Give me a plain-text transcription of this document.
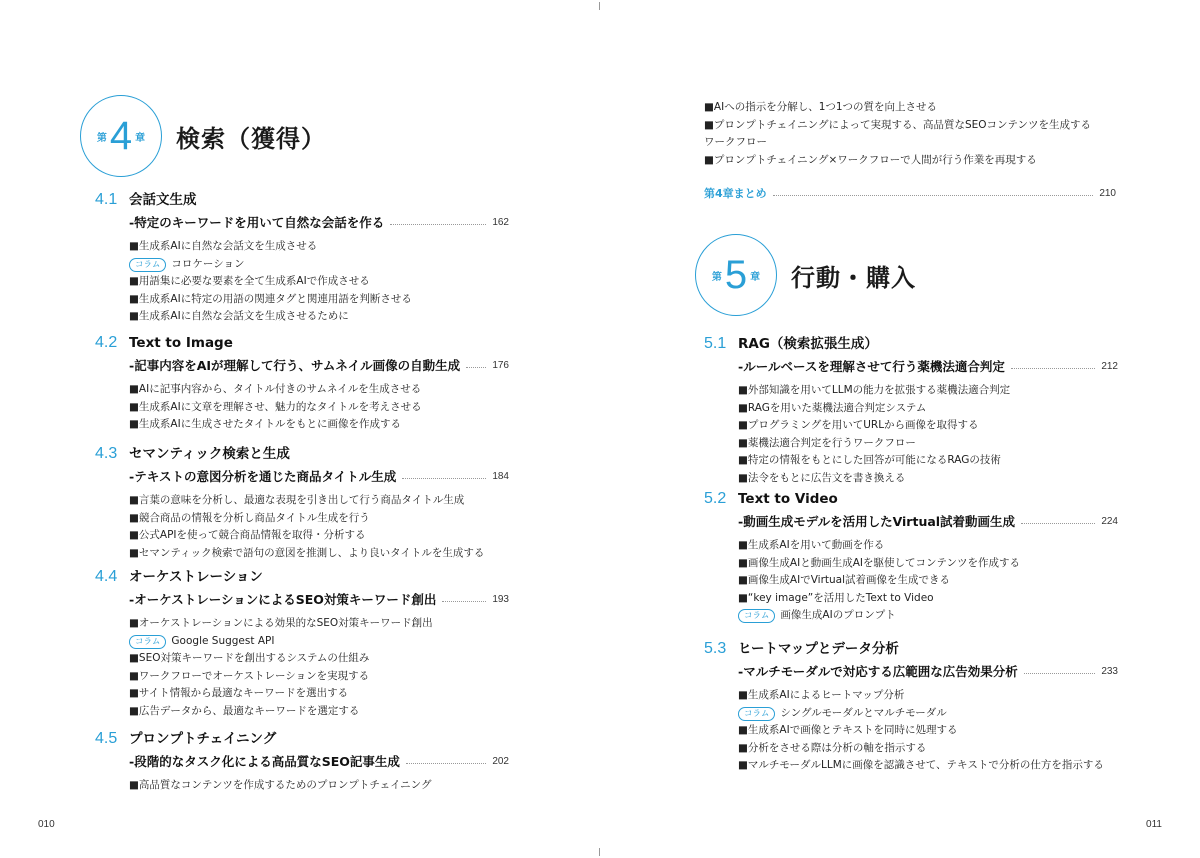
第 4 章 検索（獲得）
4.1 会話文生成
-特定のキーワードを用いて自然な会話を作る	162
■生成系AIに自然な会話文を生成させる
コラム コロケーション
■用語集に必要な要素を全て生成系AIで作成させる
■生成系AIに特定の用語の関連タグと関連用語を判断させる
■生成系AIに自然な会話文を生成させるために
4.2 Text to Image
-記事内容をAIが理解して行う、サムネイル画像の自動生成	176
■AIに記事内容から、タイトル付きのサムネイルを生成させる
■生成系AIに文章を理解させ、魅力的なタイトルを考えさせる
■生成系AIに生成させたタイトルをもとに画像を作成する
4.3 セマンティック検索と生成
-テキストの意図分析を通じた商品タイトル生成	184
■言葉の意味を分析し、最適な表現を引き出して行う商品タイトル生成
■競合商品の情報を分析し商品タイトル生成を行う
■公式APIを使って競合商品情報を取得・分析する
■セマンティック検索で語句の意図を推測し、より良いタイトルを生成する
4.4 オーケストレーション
-オーケストレーションによるSEO対策キーワード創出	193
■オーケストレーションによる効果的なSEO対策キーワード創出
コラム Google Suggest API
■SEO対策キーワードを創出するシステムの仕組み
■ワークフローでオーケストレーションを実現する
■サイト情報から最適なキーワードを選出する
■広告データから、最適なキーワードを選定する
4.5 プロンプトチェイニング
-段階的なタスク化による高品質なSEO記事生成	202
■高品質なコンテンツを作成するためのプロンプトチェイニング
010
■AIへの指示を分解し、1つ1つの質を向上させる
■プロンプトチェイニングによって実現する、高品質なSEOコンテンツを生成する
ワークフロー
■プロンプトチェイニング×ワークフローで人間が行う作業を再現する
第4章まとめ	210
第 5 章 行動・購入
5.1 RAG（検索拡張生成）
-ルールベースを理解させて行う薬機法適合判定	212
■外部知識を用いてLLMの能力を拡張する薬機法適合判定
■RAGを用いた薬機法適合判定システム
■プログラミングを用いてURLから画像を取得する
■薬機法適合判定を行うワークフロー
■特定の情報をもとにした回答が可能になるRAGの技術
■法令をもとに広告文を書き換える
5.2 Text to Video
-動画生成モデルを活用したVirtual試着動画生成	224
■生成系AIを用いて動画を作る
■画像生成AIと動画生成AIを駆使してコンテンツを作成する
■画像生成AIでVirtual試着画像を生成できる
■“key image”を活用したText to Video
コラム 画像生成AIのプロンプト
5.3 ヒートマップとデータ分析
-マルチモーダルで対応する広範囲な広告効果分析	233
■生成系AIによるヒートマップ分析
コラム シングルモーダルとマルチモーダル
■生成系AIで画像とテキストを同時に処理する
■分析をさせる際は分析の軸を指示する
■マルチモーダルLLMに画像を認識させて、テキストで分析の仕方を指示する
011
